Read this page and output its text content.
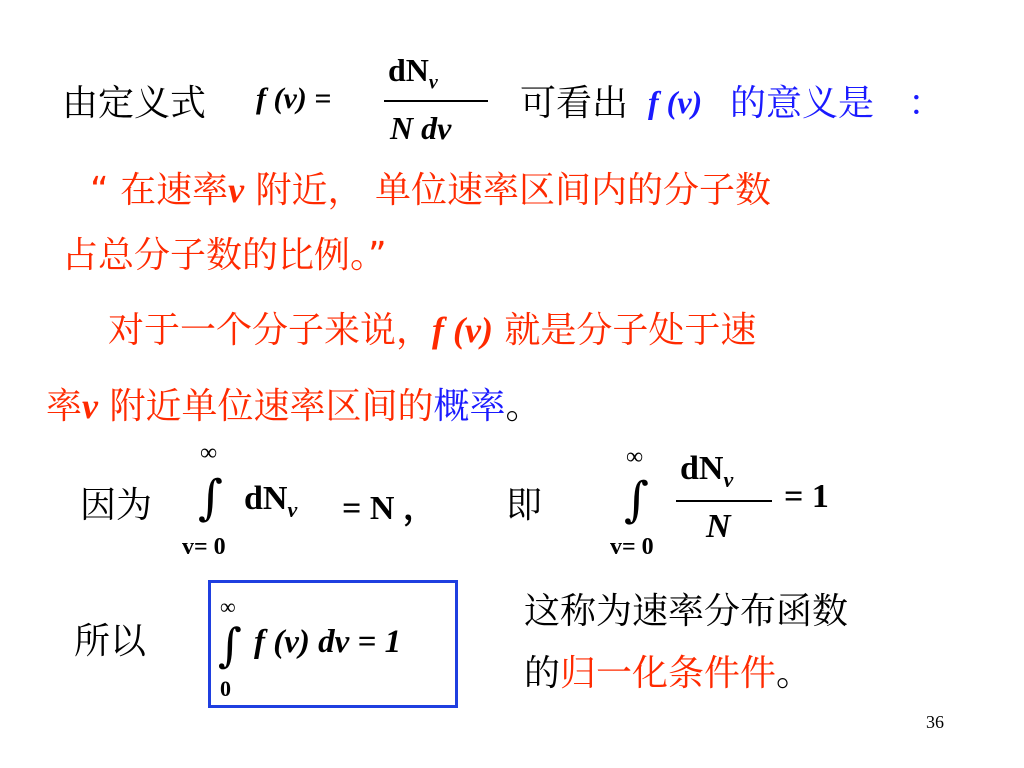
由定义式 f (v) =
$dN_v$
N dv
可看出 f (v) 的意义是 ：
“ 在速率v 附近， 单位速率区间内的分子数
占总分子数的比例。”
对于一个分子来说，f (v) 就是分子处于速
率v 附近单位速率区间的概率。
因为
∞
∫ $dN_v = N$ ，
v= 0
即
∞
∫
$dN_v$
N
= 1
v= 0
所以
∞
∫ f (v) dv = 1
0
这称为速率分布函数
的归一化条件件。
36
